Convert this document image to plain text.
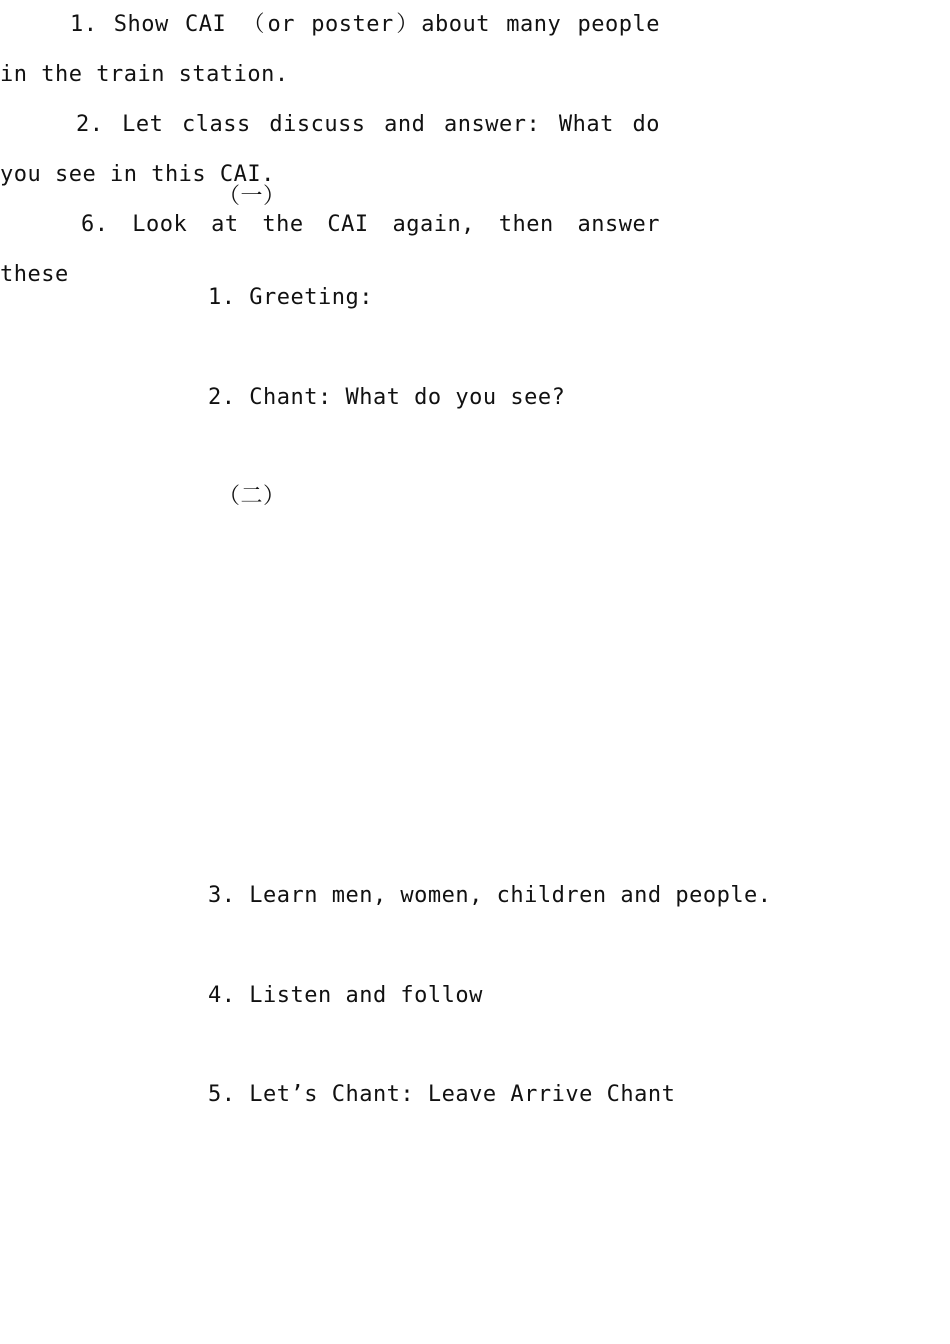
（一）
1. Greeting:
2. Chant: What do you see?
（二）
1. Show CAI （or poster）about many people in the train station.
2. Let class discuss and answer: What do you see in this CAI.
3. Learn men, women, children and people.
4. Listen and follow
5. Let’s Chant: Leave Arrive Chant
6. Look at the CAI again, then answer these
